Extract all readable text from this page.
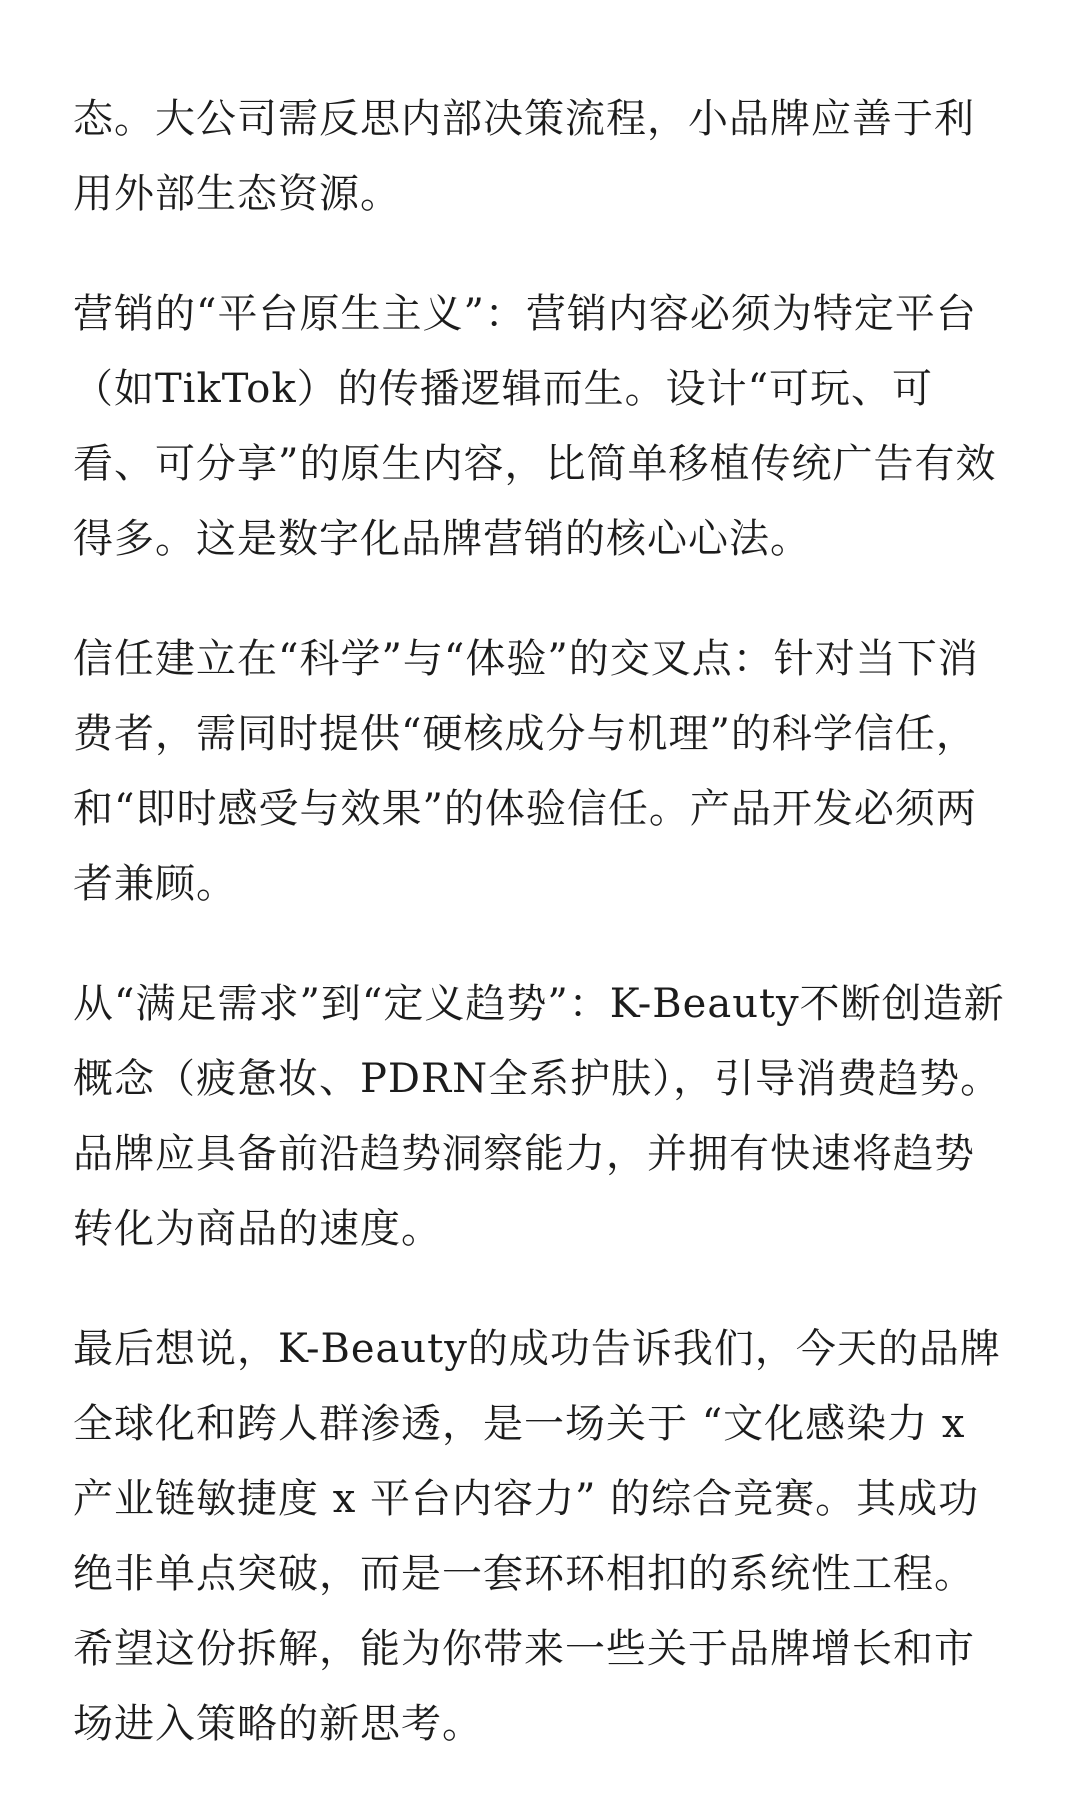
态。大公司需反思内部决策流程，小品牌应善于利用外部生态资源。

营销的“平台原生主义”：营销内容必须为特定平台（如TikTok）的传播逻辑而生。设计“可玩、可看、可分享”的原生内容，比简单移植传统广告有效得多。这是数字化品牌营销的核心心法。

信任建立在“科学”与“体验”的交叉点：针对当下消费者，需同时提供“硬核成分与机理”的科学信任，和“即时感受与效果”的体验信任。产品开发必须两者兼顾。

从“满足需求”到“定义趋势”：K-Beauty不断创造新概念（疲惫妆、PDRN全系护肤），引导消费趋势。品牌应具备前沿趋势洞察能力，并拥有快速将趋势转化为商品的速度。

最后想说，K-Beauty的成功告诉我们，今天的品牌全球化和跨人群渗透，是一场关于 “文化感染力 x 产业链敏捷度 x 平台内容力” 的综合竞赛。其成功绝非单点突破，而是一套环环相扣的系统性工程。希望这份拆解，能为你带来一些关于品牌增长和市场进入策略的新思考。
